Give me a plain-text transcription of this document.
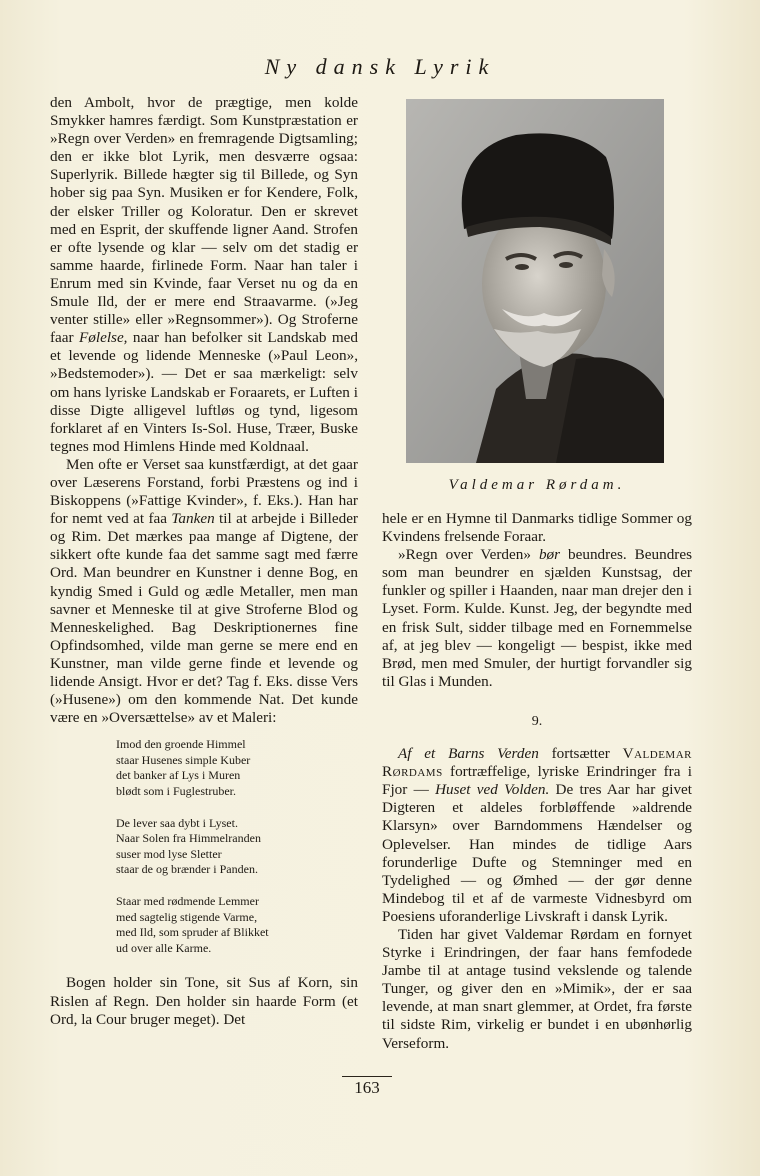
Ny dansk Lyrik

den Ambolt, hvor de prægtige, men kolde Smykker hamres færdigt. Som Kunstpræstation er »Regn over Verden» en fremragende Digtsamling; den er ikke blot Lyrik, men desværre ogsaa: Superlyrik. Billede hægter sig til Billede, og Syn hober sig paa Syn. Musiken er for Kendere, Folk, der elsker Triller og Koloratur. Den er skrevet med en Esprit, der skuffende ligner Aand. Strofen er ofte lysende og klar — selv om det stadig er samme haarde, firlinede Form. Naar han taler i Enrum med sin Kvinde, faar Verset nu og da en Smule Ild, der er mere end Straavarme. (»Jeg venter stille» eller »Regnsommer»). Og Stroferne faar Følelse, naar han befolker sit Landskab med et levende og lidende Menneske (»Paul Leon», »Bedstemoder»). — Det er saa mærkeligt: selv om hans lyriske Landskab er Foraarets, er Luften i disse Digte alligevel luftløs og tynd, ligesom forklaret af en Vinters Is-Sol. Huse, Træer, Buske tegnes mod Himlens Hinde med Koldnaal.

Men ofte er Verset saa kunstfærdigt, at det gaar over Læserens Forstand, forbi Præstens og ind i Biskoppens (»Fattige Kvinder», f. Eks.). Han har for nemt ved at faa Tanken til at arbejde i Billeder og Rim. Det mærkes paa mange af Digtene, der sikkert ofte kunde faa det samme sagt med færre Ord. Man beundrer en Kunstner i denne Bog, en kyndig Smed i Guld og ædle Metaller, men man savner et Menneske til at give Stroferne Blod og Menneskelighed. Bag Deskriptionernes fine Opfindsomhed, vilde man gerne se mere end en Kunstner, man vilde gerne finde et levende og lidende Ansigt. Hvor er det? Tag f. Eks. disse Vers (»Husene») om den kommende Nat. Det kunde være en »Oversættelse» av et Maleri:

Imod den groende Himmel
staar Husenes simple Kuber
det banker af Lys i Muren
blødt som i Fuglestruber.
De lever saa dybt i Lyset.
Naar Solen fra Himmelranden
suser mod lyse Sletter
staar de og brænder i Panden.
Staar med rødmende Lemmer
med sagtelig stigende Varme,
med Ild, som spruder af Blikket
ud over alle Karme.

Bogen holder sin Tone, sit Sus af Korn, sin Rislen af Regn. Den holder sin haarde Form (et Ord, la Cour bruger meget). Det

Valdemar Rørdam.

hele er en Hymne til Danmarks tidlige Sommer og Kvindens frelsende Foraar.

»Regn over Verden» bør beundres. Beundres som man beundrer en sjælden Kunstsag, der funkler og spiller i Haanden, naar man drejer den i Lyset. Form. Kulde. Kunst. Jeg, der begyndte med en frisk Sult, sidder tilbage med en Fornemmelse af, at jeg blev — kongeligt — bespist, ikke med Brød, men med Smuler, der hurtigt forvandler sig til Glas i Munden.

9.

Af et Barns Verden fortsætter Valdemar Rørdams fortræffelige, lyriske Erindringer fra i Fjor — Huset ved Volden. De tres Aar har givet Digteren et aldeles forbløffende »aldrende Klarsyn» over Barndommens Hændelser og Oplevelser. Han mindes de tidlige Aars forunderlige Dufte og Stemninger med en Tydelighed — og Ømhed — der gør denne Mindebog til et af de varmeste Vidnesbyrd om Poesiens uforanderlige Livskraft i dansk Lyrik.

Tiden har givet Valdemar Rørdam en fornyet Styrke i Erindringen, der faar hans femfodede Jambe til at antage tusind vekslende og talende Tunger, og giver den en »Mimik», der er saa levende, at man snart glemmer, at Ordet, fra første til sidste Rim, virkelig er bundet i en ubønhørlig Verseform.

163
